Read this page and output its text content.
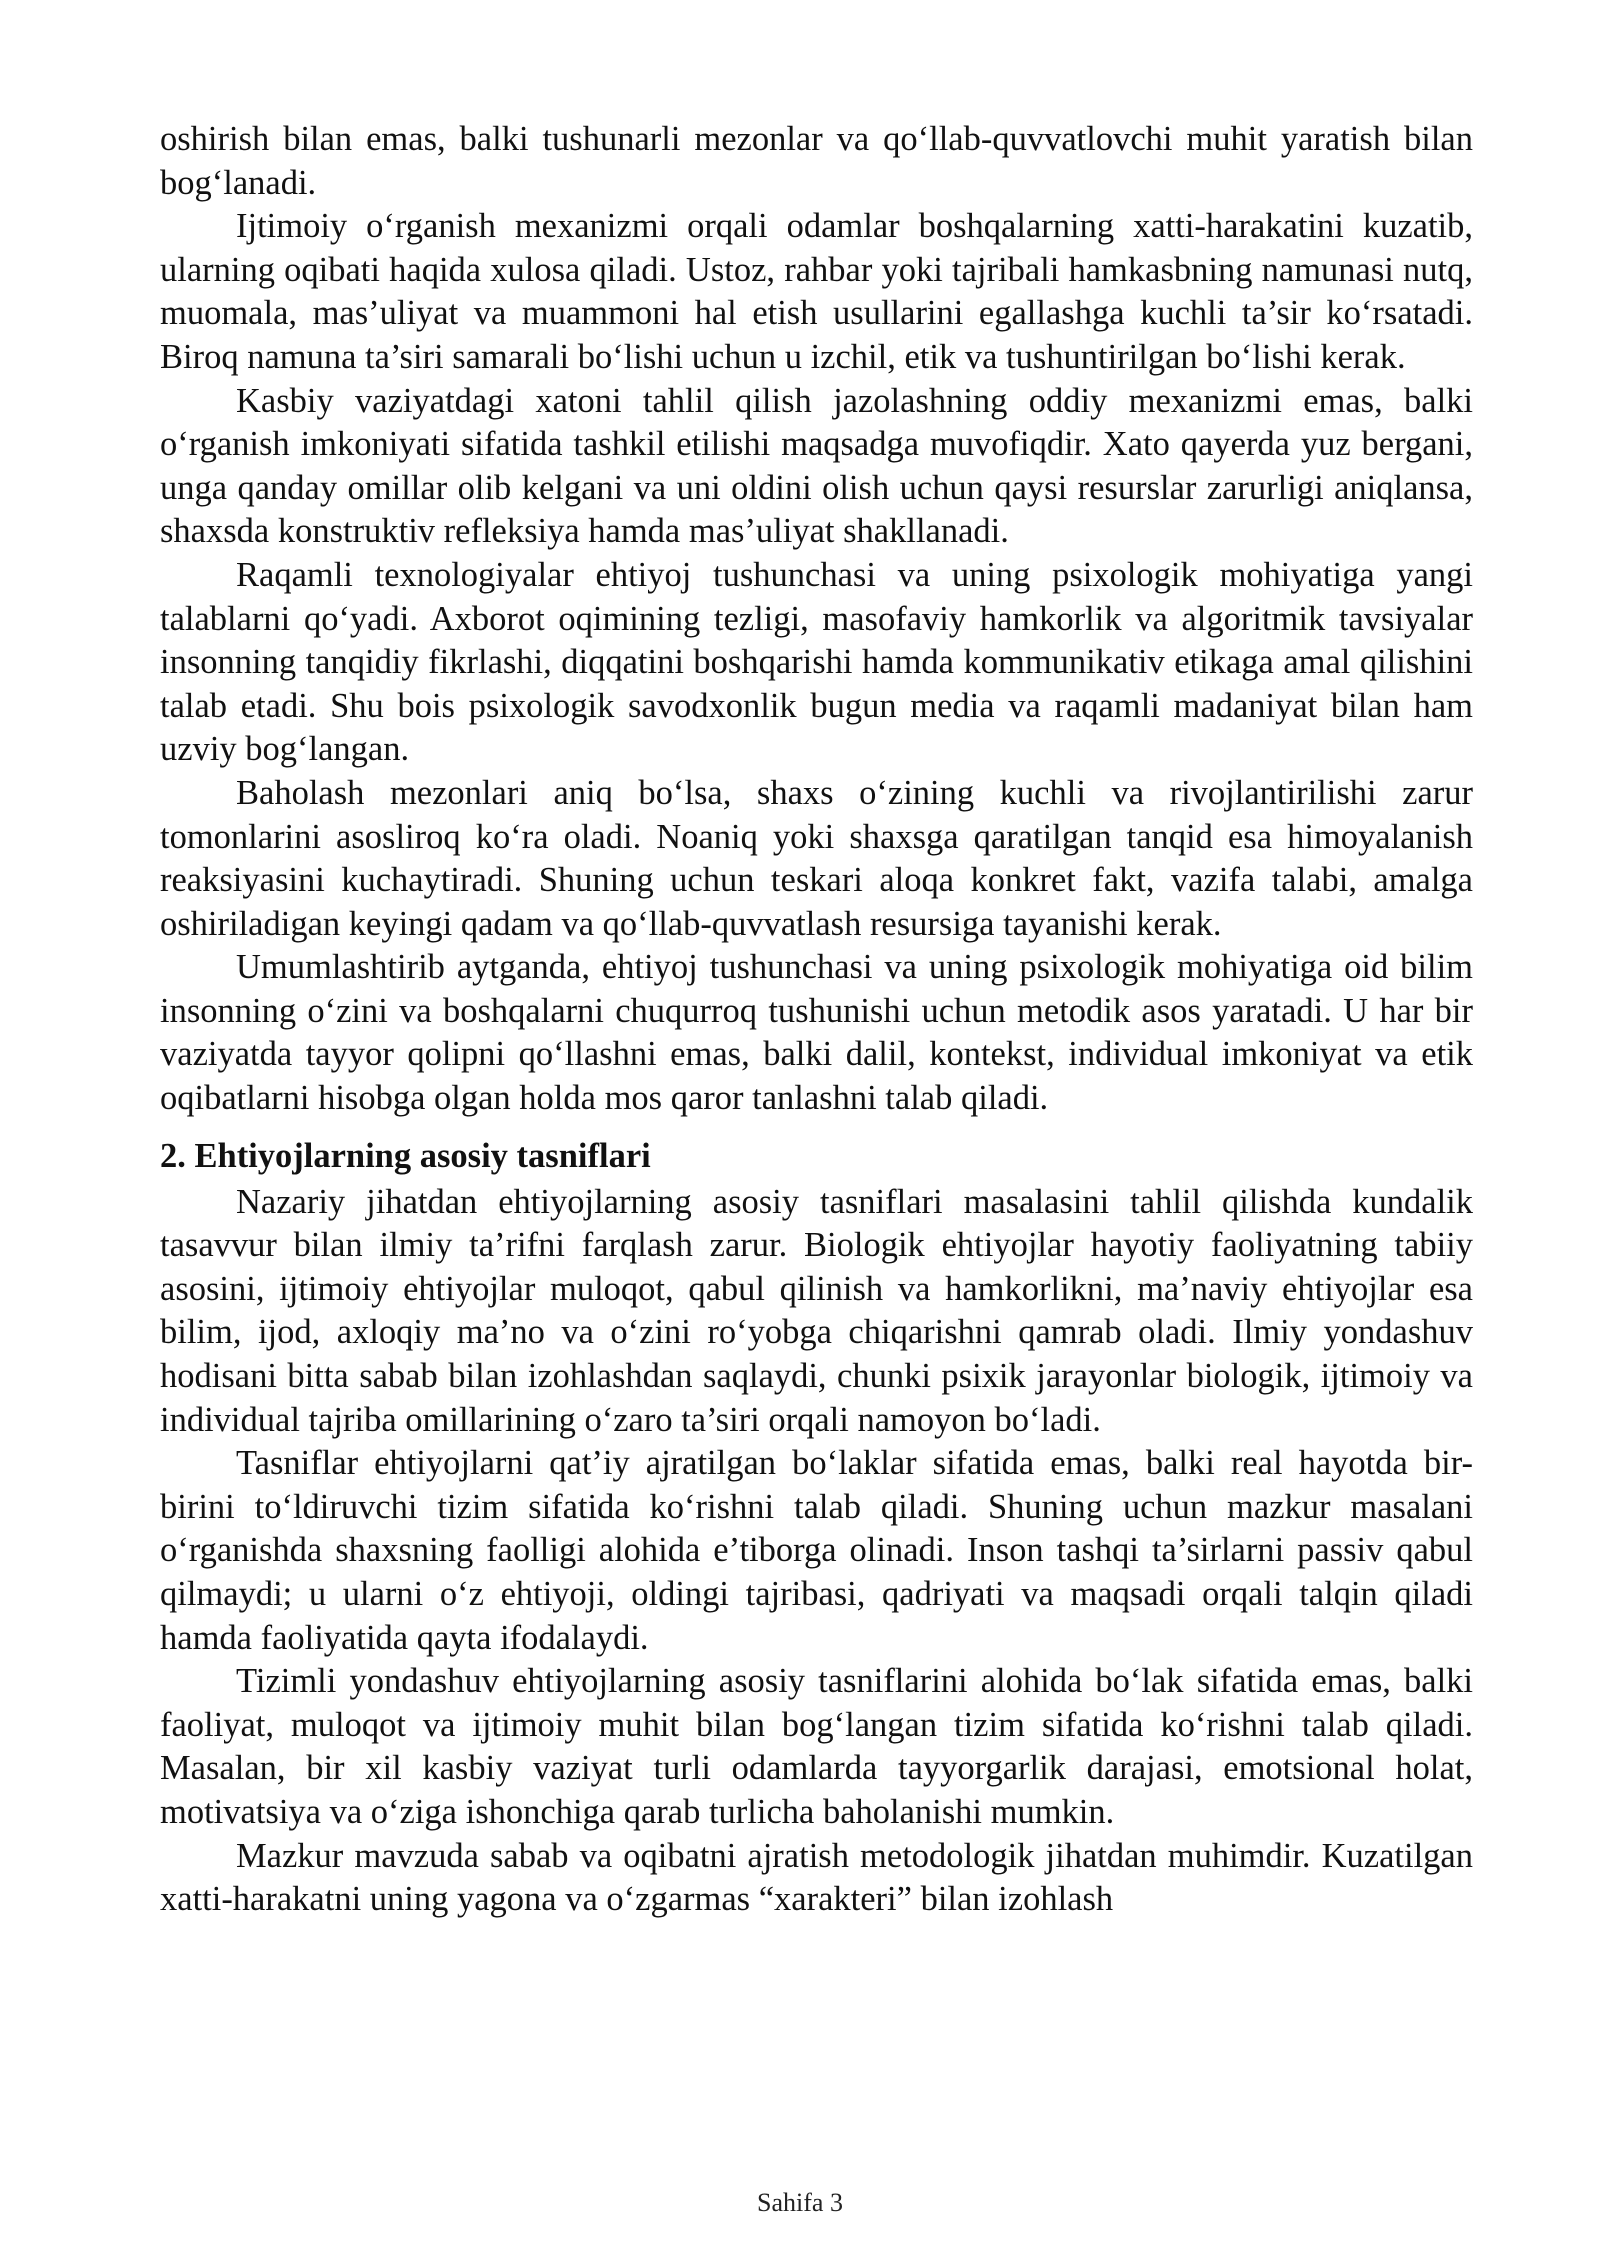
oshirish bilan emas, balki tushunarli mezonlar va qo‘llab-quvvatlovchi muhit yaratish bilan bog‘lanadi.

Ijtimoiy o‘rganish mexanizmi orqali odamlar boshqalarning xatti-harakatini kuzatib, ularning oqibati haqida xulosa qiladi. Ustoz, rahbar yoki tajribali hamkasbning namunasi nutq, muomala, mas’uliyat va muammoni hal etish usullarini egallashga kuchli ta’sir ko‘rsatadi. Biroq namuna ta’siri samarali bo‘lishi uchun u izchil, etik va tushuntirilgan bo‘lishi kerak.

Kasbiy vaziyatdagi xatoni tahlil qilish jazolashning oddiy mexanizmi emas, balki o‘rganish imkoniyati sifatida tashkil etilishi maqsadga muvofiqdir. Xato qayerda yuz bergani, unga qanday omillar olib kelgani va uni oldini olish uchun qaysi resurslar zarurligi aniqlansa, shaxsda konstruktiv refleksiya hamda mas’uliyat shakllanadi.

Raqamli texnologiyalar ehtiyoj tushunchasi va uning psixologik mohiyatiga yangi talablarni qo‘yadi. Axborot oqimining tezligi, masofaviy hamkorlik va algoritmik tavsiyalar insonning tanqidiy fikrlashi, diqqatini boshqarishi hamda kommunikativ etikaga amal qilishini talab etadi. Shu bois psixologik savodxonlik bugun media va raqamli madaniyat bilan ham uzviy bog‘langan.

Baholash mezonlari aniq bo‘lsa, shaxs o‘zining kuchli va rivojlantirilishi zarur tomonlarini asosliroq ko‘ra oladi. Noaniq yoki shaxsga qaratilgan tanqid esa himoyalanish reaksiyasini kuchaytiradi. Shuning uchun teskari aloqa konkret fakt, vazifa talabi, amalga oshiriladigan keyingi qadam va qo‘llab-quvvatlash resursiga tayanishi kerak.

Umumlashtirib aytganda, ehtiyoj tushunchasi va uning psixologik mohiyatiga oid bilim insonning o‘zini va boshqalarni chuqurroq tushunishi uchun metodik asos yaratadi. U har bir vaziyatda tayyor qolipni qo‘llashni emas, balki dalil, kontekst, individual imkoniyat va etik oqibatlarni hisobga olgan holda mos qaror tanlashni talab qiladi.

2. Ehtiyojlarning asosiy tasniflari

Nazariy jihatdan ehtiyojlarning asosiy tasniflari masalasini tahlil qilishda kundalik tasavvur bilan ilmiy ta’rifni farqlash zarur. Biologik ehtiyojlar hayotiy faoliyatning tabiiy asosini, ijtimoiy ehtiyojlar muloqot, qabul qilinish va hamkorlikni, ma’naviy ehtiyojlar esa bilim, ijod, axloqiy ma’no va o‘zini ro‘yobga chiqarishni qamrab oladi. Ilmiy yondashuv hodisani bitta sabab bilan izohlashdan saqlaydi, chunki psixik jarayonlar biologik, ijtimoiy va individual tajriba omillarining o‘zaro ta’siri orqali namoyon bo‘ladi.

Tasniflar ehtiyojlarni qat’iy ajratilgan bo‘laklar sifatida emas, balki real hayotda bir-birini to‘ldiruvchi tizim sifatida ko‘rishni talab qiladi. Shuning uchun mazkur masalani o‘rganishda shaxsning faolligi alohida e’tiborga olinadi. Inson tashqi ta’sirlarni passiv qabul qilmaydi; u ularni o‘z ehtiyoji, oldingi tajribasi, qadriyati va maqsadi orqali talqin qiladi hamda faoliyatida qayta ifodalaydi.

Tizimli yondashuv ehtiyojlarning asosiy tasniflarini alohida bo‘lak sifatida emas, balki faoliyat, muloqot va ijtimoiy muhit bilan bog‘langan tizim sifatida ko‘rishni talab qiladi. Masalan, bir xil kasbiy vaziyat turli odamlarda tayyorgarlik darajasi, emotsional holat, motivatsiya va o‘ziga ishonchiga qarab turlicha baholanishi mumkin.

Mazkur mavzuda sabab va oqibatni ajratish metodologik jihatdan muhimdir. Kuzatilgan xatti-harakatni uning yagona va o‘zgarmas “xarakteri” bilan izohlash

Sahifa 3
